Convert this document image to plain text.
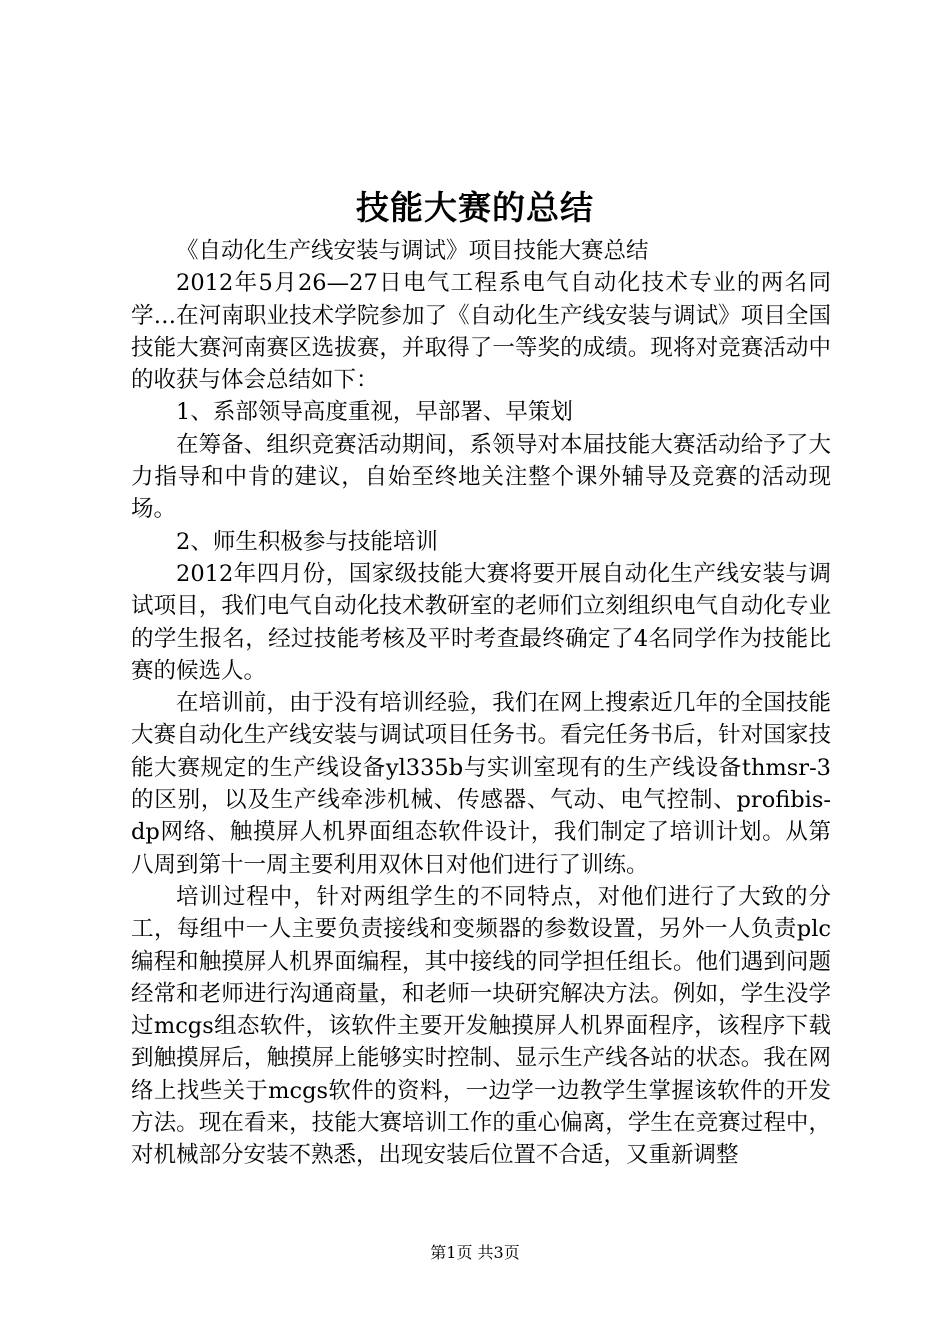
技能大赛的总结

《自动化生产线安装与调试》项目技能大赛总结

2012年5月26—27日电气工程系电气自动化技术专业的两名同学…在河南职业技术学院参加了《自动化生产线安装与调试》项目全国技能大赛河南赛区选拔赛，并取得了一等奖的成绩。现将对竞赛活动中的收获与体会总结如下：

1、系部领导高度重视，早部署、早策划

在筹备、组织竞赛活动期间，系领导对本届技能大赛活动给予了大力指导和中肯的建议，自始至终地关注整个课外辅导及竞赛的活动现场。

2、师生积极参与技能培训

2012年四月份，国家级技能大赛将要开展自动化生产线安装与调试项目，我们电气自动化技术教研室的老师们立刻组织电气自动化专业的学生报名，经过技能考核及平时考查最终确定了4名同学作为技能比赛的候选人。

在培训前，由于没有培训经验，我们在网上搜索近几年的全国技能大赛自动化生产线安装与调试项目任务书。看完任务书后，针对国家技能大赛规定的生产线设备yl335b与实训室现有的生产线设备thmsr-3的区别，以及生产线牵涉机械、传感器、气动、电气控制、profibis-dp网络、触摸屏人机界面组态软件设计，我们制定了培训计划。从第八周到第十一周主要利用双休日对他们进行了训练。

培训过程中，针对两组学生的不同特点，对他们进行了大致的分工，每组中一人主要负责接线和变频器的参数设置，另外一人负责plc编程和触摸屏人机界面编程，其中接线的同学担任组长。他们遇到问题经常和老师进行沟通商量，和老师一块研究解决方法。例如，学生没学过mcgs组态软件，该软件主要开发触摸屏人机界面程序，该程序下载到触摸屏后，触摸屏上能够实时控制、显示生产线各站的状态。我在网络上找些关于mcgs软件的资料，一边学一边教学生掌握该软件的开发方法。现在看来，技能大赛培训工作的重心偏离，学生在竞赛过程中，对机械部分安装不熟悉，出现安装后位置不合适，又重新调整

第1页 共3页
